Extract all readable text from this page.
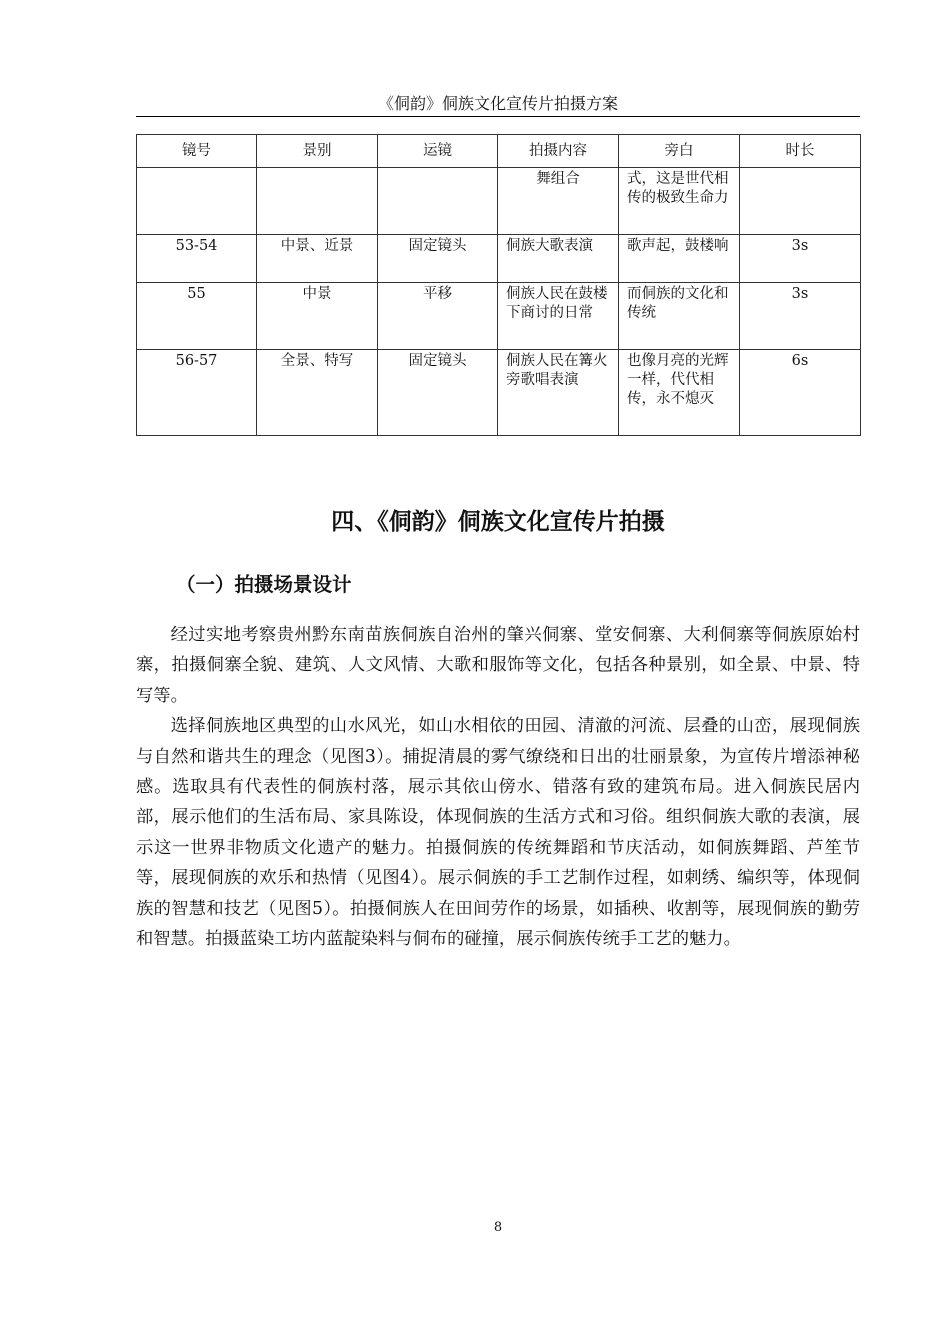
《侗韵》侗族文化宣传片拍摄方案
镜号	景别	运镜	拍摄内容	旁白	时长
			舞组合	式，这是世代相传的极致生命力	
53-54	中景、近景	固定镜头	侗族大歌表演	歌声起，鼓楼响	3s
55	中景	平移	侗族人民在鼓楼下商讨的日常	而侗族的文化和传统	3s
56-57	全景、特写	固定镜头	侗族人民在篝火旁歌唱表演	也像月亮的光辉一样，代代相传，永不熄灭	6s
四、《侗韵》侗族文化宣传片拍摄
（一）拍摄场景设计

经过实地考察贵州黔东南苗族侗族自治州的肇兴侗寨、堂安侗寨、大利侗寨等侗族原始村寨，拍摄侗寨全貌、建筑、人文风情、大歌和服饰等文化，包括各种景别，如全景、中景、特写等。

选择侗族地区典型的山水风光，如山水相依的田园、清澈的河流、层叠的山峦，展现侗族与自然和谐共生的理念（见图3）。捕捉清晨的雾气缭绕和日出的壮丽景象，为宣传片增添神秘感。选取具有代表性的侗族村落，展示其依山傍水、错落有致的建筑布局。进入侗族民居内部，展示他们的生活布局、家具陈设，体现侗族的生活方式和习俗。组织侗族大歌的表演，展示这一世界非物质文化遗产的魅力。拍摄侗族的传统舞蹈和节庆活动，如侗族舞蹈、芦笙节等，展现侗族的欢乐和热情（见图4）。展示侗族的手工艺制作过程，如刺绣、编织等，体现侗族的智慧和技艺（见图5）。拍摄侗族人在田间劳作的场景，如插秧、收割等，展现侗族的勤劳和智慧。拍摄蓝染工坊内蓝靛染料与侗布的碰撞，展示侗族传统手工艺的魅力。

8
